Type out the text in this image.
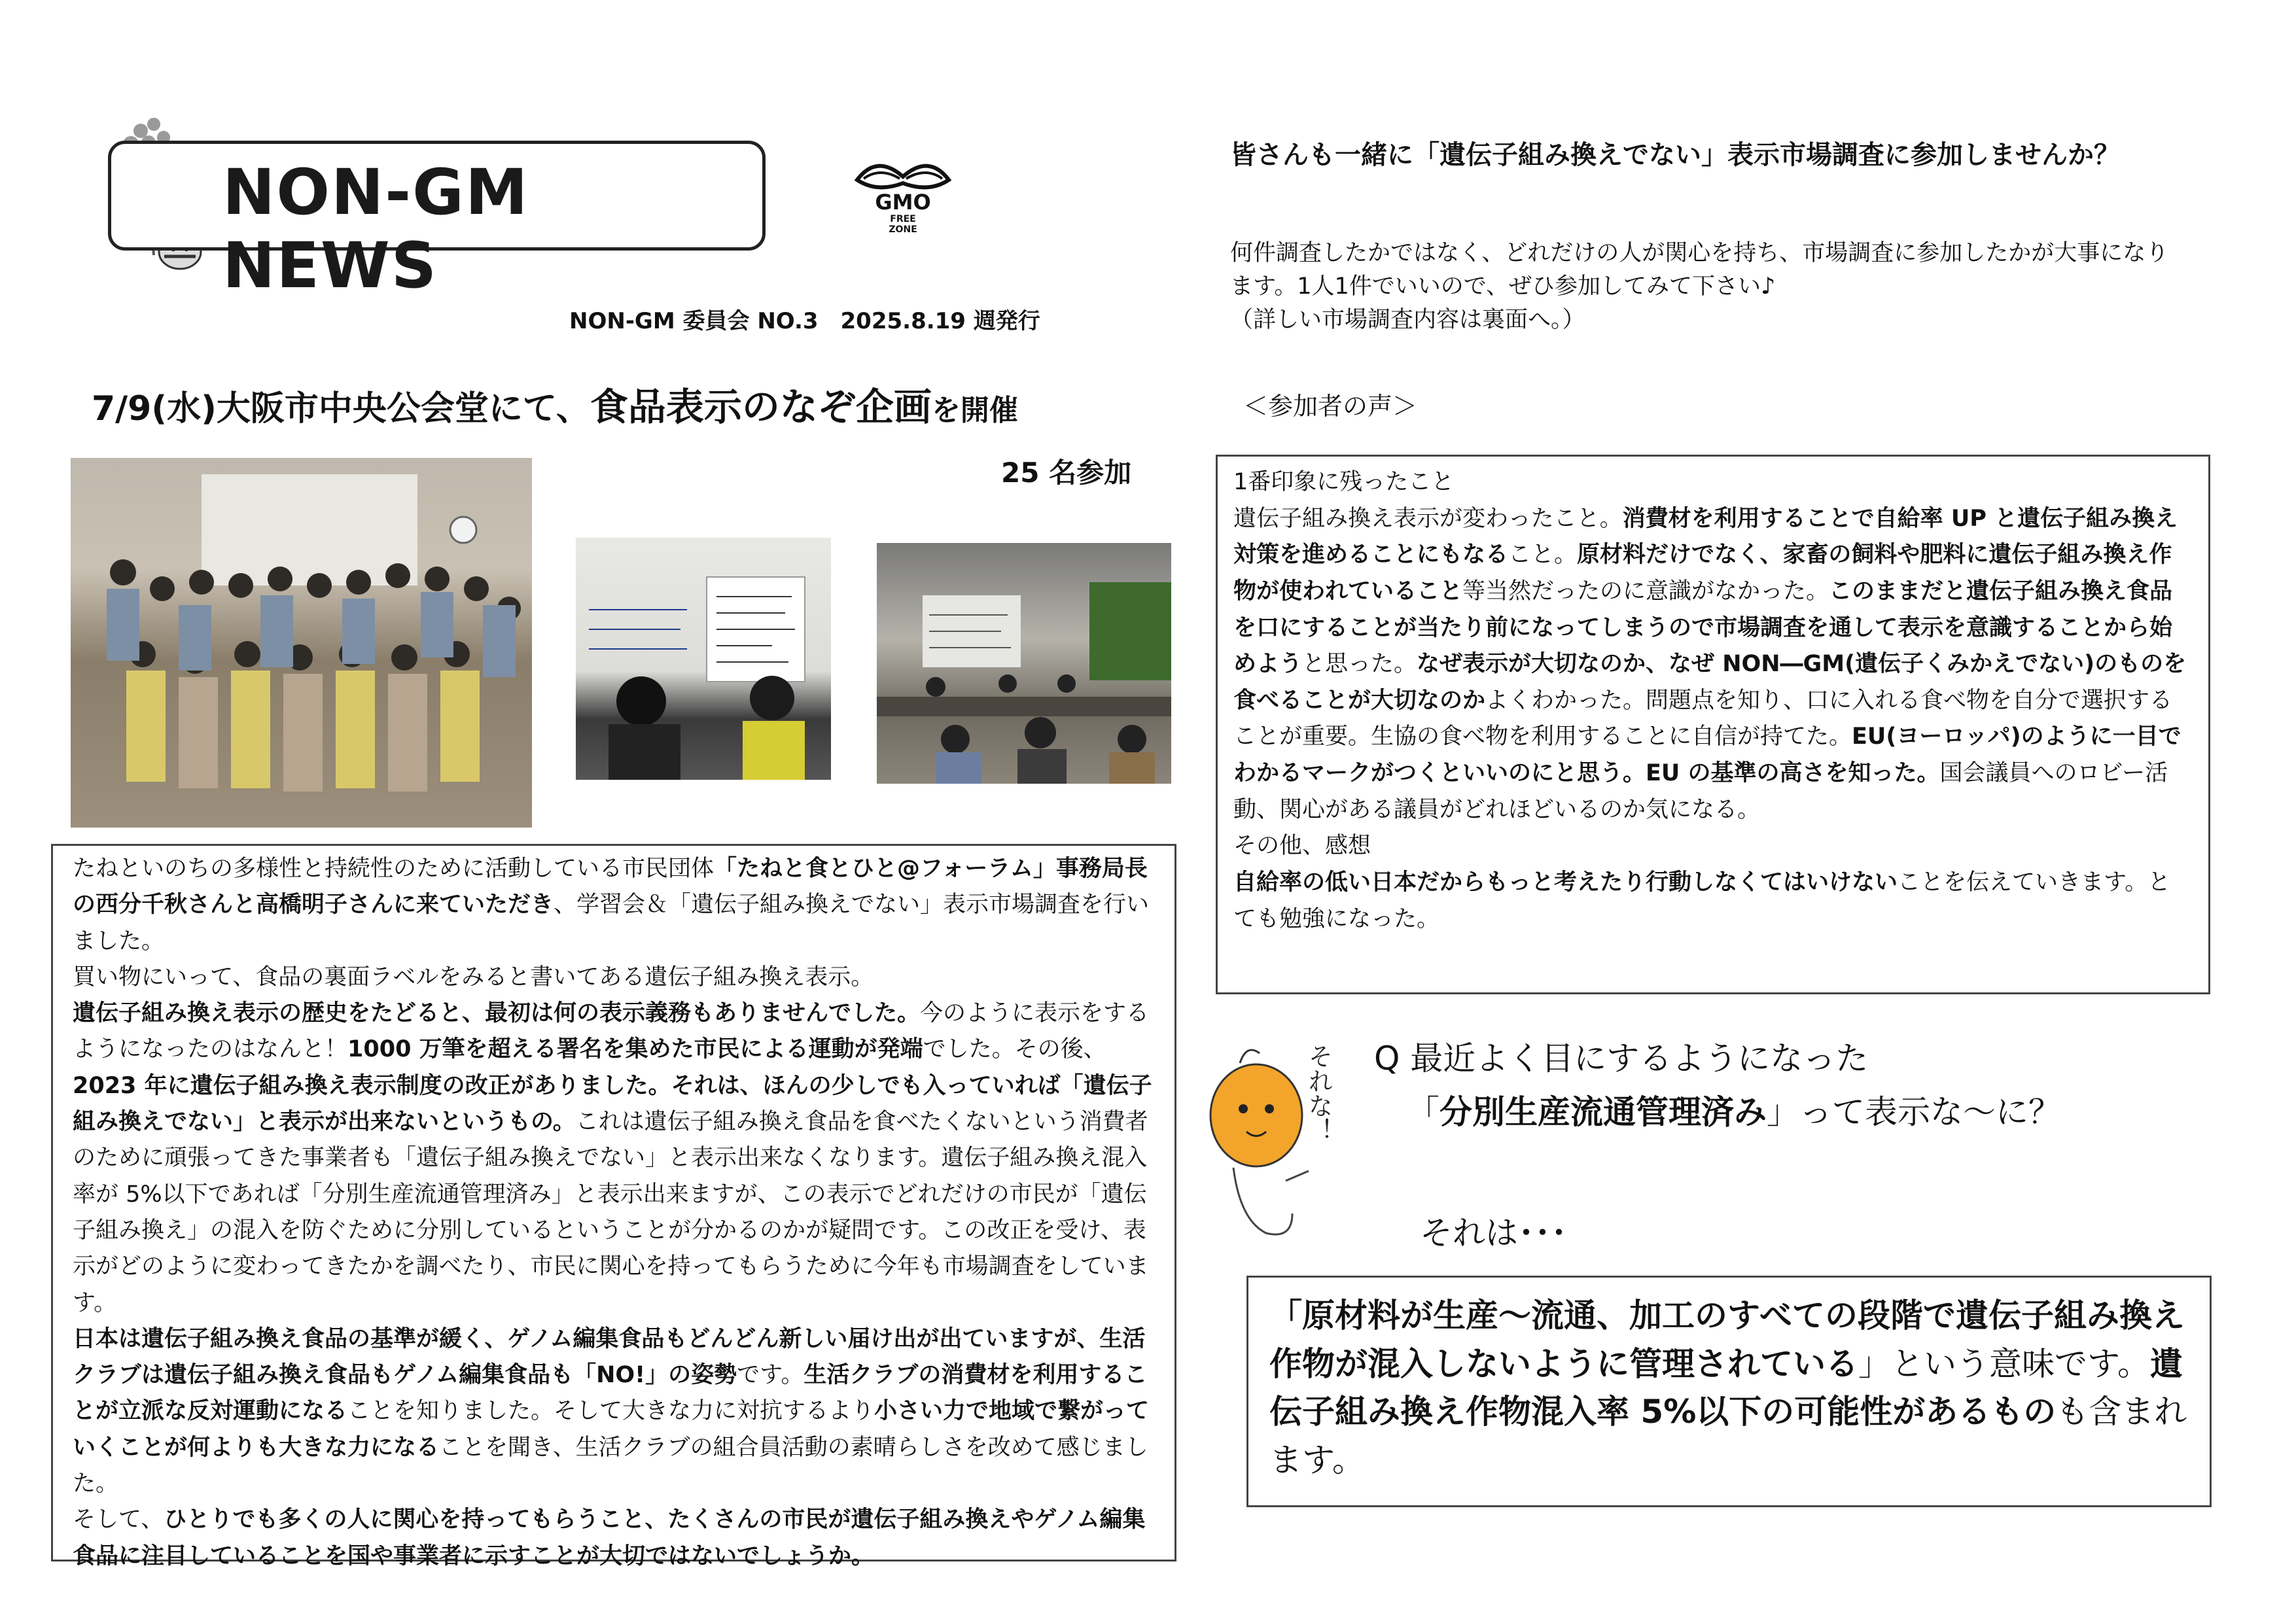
NON-GM NEWS
GMO
FREE
ZONE
NON-GM 委員会 NO.3　2025.8.19 週発行
7/9(水)大阪市中央公会堂にて、食品表示のなぞ企画を開催
25 名参加

たねといのちの多様性と持続性のために活動している市民団体「たねと食とひと@フォーラム」事務局長の西分千秋さんと高橋明子さんに来ていただき、学習会＆「遺伝子組み換えでない」表示市場調査を行いました。

買い物にいって、食品の裏面ラベルをみると書いてある遺伝子組み換え表示。

遺伝子組み換え表示の歴史をたどると、最初は何の表示義務もありませんでした。今のように表示をするようになったのはなんと！1000 万筆を超える署名を集めた市民による運動が発端でした。その後、2023 年に遺伝子組み換え表示制度の改正がありました。それは、ほんの少しでも入っていれば「遺伝子組み換えでない」と表示が出来ないというもの。これは遺伝子組み換え食品を食べたくないという消費者のために頑張ってきた事業者も「遺伝子組み換えでない」と表示出来なくなります。遺伝子組み換え混入率が 5%以下であれば「分別生産流通管理済み」と表示出来ますが、この表示でどれだけの市民が「遺伝子組み換え」の混入を防ぐために分別しているということが分かるのかが疑問です。この改正を受け、表示がどのように変わってきたかを調べたり、市民に関心を持ってもらうために今年も市場調査をしています。

日本は遺伝子組み換え食品の基準が緩く、ゲノム編集食品もどんどん新しい届け出が出ていますが、生活クラブは遺伝子組み換え食品もゲノム編集食品も「NO!」の姿勢です。生活クラブの消費材を利用することが立派な反対運動になることを知りました。そして大きな力に対抗するより小さい力で地域で繋がっていくことが何よりも大きな力になることを聞き、生活クラブの組合員活動の素晴らしさを改めて感じました。

そして、ひとりでも多くの人に関心を持ってもらうこと、たくさんの市民が遺伝子組み換えやゲノム編集食品に注目していることを国や事業者に示すことが大切ではないでしょうか。

皆さんも一緒に「遺伝子組み換えでない」表示市場調査に参加しませんか？
何件調査したかではなく、どれだけの人が関心を持ち、市場調査に参加したかが大事になります。1人1件でいいので、ぜひ参加してみて下さい♪
（詳しい市場調査内容は裏面へ。）
＜参加者の声＞

1番印象に残ったこと

遺伝子組み換え表示が変わったこと。消費材を利用することで自給率 UP と遺伝子組み換え対策を進めることにもなること。原材料だけでなく、家畜の飼料や肥料に遺伝子組み換え作物が使われていること等当然だったのに意識がなかった。このままだと遺伝子組み換え食品を口にすることが当たり前になってしまうので市場調査を通して表示を意識することから始めようと思った。なぜ表示が大切なのか、なぜ NON―GM(遺伝子くみかえでない)のものを食べることが大切なのかよくわかった。問題点を知り、口に入れる食べ物を自分で選択することが重要。生協の食べ物を利用することに自信が持てた。EU(ヨーロッパ)のように一目でわかるマークがつくといいのにと思う。EU の基準の高さを知った。国会議員へのロビー活動、関心がある議員がどれほどいるのか気になる。

その他、感想

自給率の低い日本だからもっと考えたり行動しなくてはいけないことを伝えていきます。とても勉強になった。

それな！ Q 最近よく目にするようになった
「分別生産流通管理済み」って表示な～に？
それは･･･

「原材料が生産～流通、加工のすべての段階で遺伝子組み換え作物が混入しないように管理されている」という意味です。遺伝子組み換え作物混入率 5%以下の可能性があるものも含まれます。
